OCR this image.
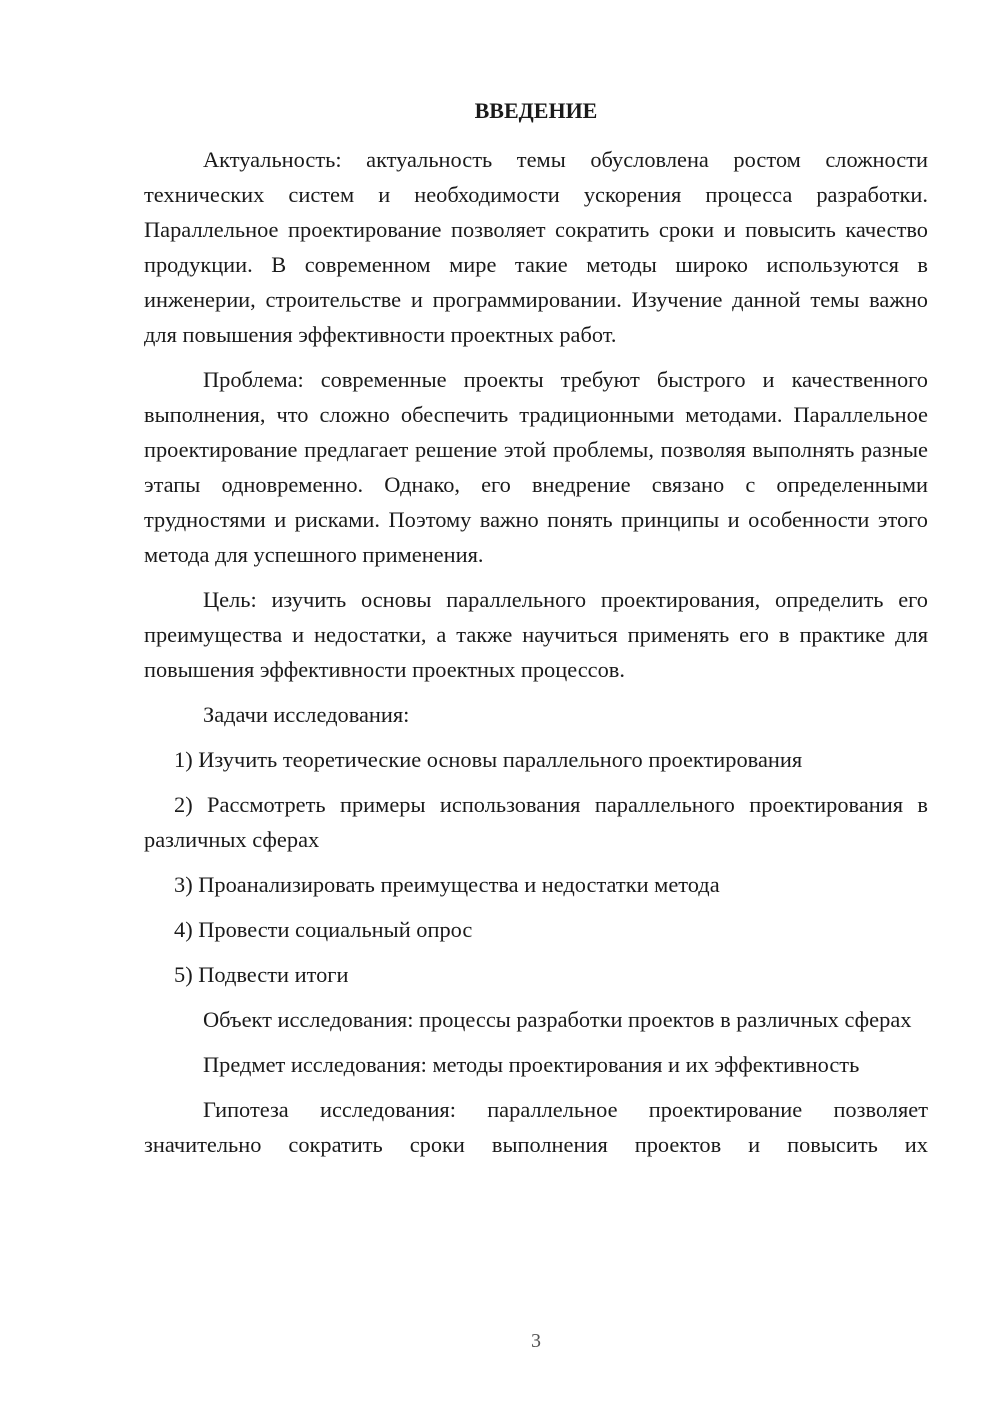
ВВЕДЕНИЕ

Актуальность: актуальность темы обусловлена ростом сложности технических систем и необходимости ускорения процесса разработки. Параллельное проектирование позволяет сократить сроки и повысить качество продукции. В современном мире такие методы широко используются в инженерии, строительстве и программировании. Изучение данной темы важно для повышения эффективности проектных работ.

Проблема: современные проекты требуют быстрого и качественного выполнения, что сложно обеспечить традиционными методами. Параллельное проектирование предлагает решение этой проблемы, позволяя выполнять разные этапы одновременно. Однако, его внедрение связано с определенными трудностями и рисками. Поэтому важно понять принципы и особенности этого метода для успешного применения.

Цель: изучить основы параллельного проектирования, определить его преимущества и недостатки, а также научиться применять его в практике для повышения эффективности проектных процессов.

Задачи исследования:

1) Изучить теоретические основы параллельного проектирования

2) Рассмотреть примеры использования параллельного проектирования в различных сферах

3) Проанализировать преимущества и недостатки метода

4) Провести социальный опрос

5) Подвести итоги

Объект исследования: процессы разработки проектов в различных сферах

Предмет исследования: методы проектирования и их эффективность

Гипотеза исследования: параллельное проектирование позволяет значительно сократить сроки выполнения проектов и повысить их

3
